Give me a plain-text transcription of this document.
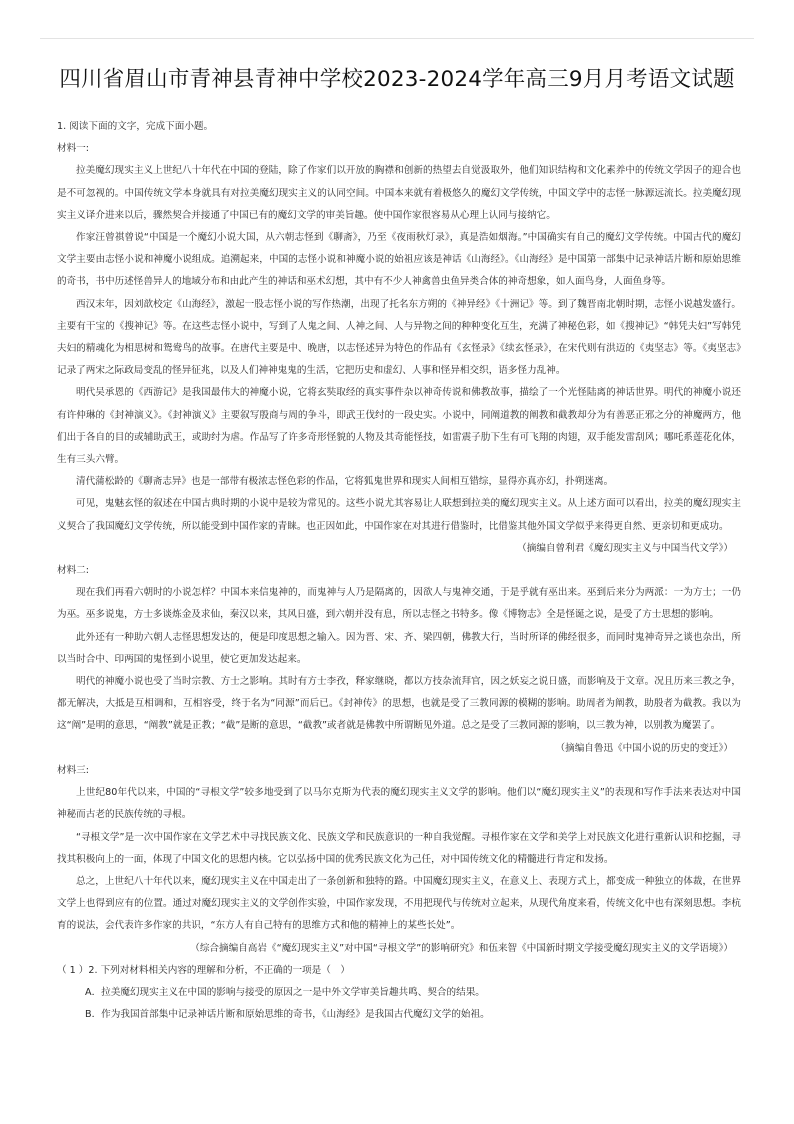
四川省眉山市青神县青神中学校2023-2024学年高三9月月考语文试题

1. 阅读下面的文字，完成下面小题。

材料一:

拉美魔幻现实主义上世纪八十年代在中国的登陆，除了作家们以开放的胸襟和创新的热望去自觉汲取外，他们知识结构和文化素养中的传统文学因子的迎合也是不可忽视的。中国传统文学本身就具有对拉美魔幻现实主义的认同空间。中国本来就有着极悠久的魔幻文学传统，中国文学中的志怪一脉源远流长。拉美魔幻现实主义译介进来以后，骤然契合并接通了中国已有的魔幻文学的审美旨趣。使中国作家很容易从心理上认同与接纳它。

作家汪曾祺曾说“中国是一个魔幻小说大国，从六朝志怪到《聊斋》，乃至《夜雨秋灯录》，真是浩如烟海。”中国确实有自己的魔幻文学传统。中国古代的魔幻文学主要由志怪小说和神魔小说组成。追溯起来，中国的志怪小说和神魔小说的始祖应该是神话《山海经》。《山海经》是中国第一部集中记录神话片断和原始思维的奇书，书中历述怪兽异人的地域分布和由此产生的神话和巫术幻想，其中有不少人神禽兽虫鱼异类合体的神奇想象，如人面鸟身，人面鱼身等。

西汉末年，因刘歆校定《山海经》，激起一股志怪小说的写作热潮，出现了托名东方朔的《神异经》《十洲记》等。到了魏晋南北朝时期，志怪小说越发盛行。主要有干宝的《搜神记》等。在这些志怪小说中，写到了人鬼之间、人神之间、人与异物之间的种种变化互生，充满了神秘色彩，如《搜神记》“韩凭夫妇”写韩凭夫妇的精魂化为相思树和鸳鸯鸟的故事。在唐代主要是中、晚唐，以志怪述异为特色的作品有《玄怪录》《续玄怪录》，在宋代则有洪迈的《夷坚志》等。《夷坚志》记录了两宋之际政局变乱的怪异征兆，以及人们神神鬼鬼的生活，它把历史和虚幻、人事和怪异相交织，语多怪力乱神。

明代吴承恩的《西游记》是我国最伟大的神魔小说，它将玄奘取经的真实事件杂以神奇传说和佛教故事，描绘了一个光怪陆离的神话世界。明代的神魔小说还有许仲琳的《封神演义》。《封神演义》主要叙写殷商与周的争斗，即武王伐纣的一段史实。小说中，同阐道教的阐教和截教却分为有善恶正邪之分的神魔两方，他们出于各自的目的或辅助武王，或助纣为虐。作品写了许多奇形怪貌的人物及其奇能怪技，如雷震子肋下生有可飞翔的肉翅，双手能发雷刮风；哪吒系莲花化体，生有三头六臂。

清代蒲松龄的《聊斋志异》也是一部带有极浓志怪色彩的作品，它将狐鬼世界和现实人间相互错综，显得亦真亦幻，扑朔迷离。

可见，鬼魅玄怪的叙述在中国古典时期的小说中是较为常见的。这些小说尤其容易让人联想到拉美的魔幻现实主义。从上述方面可以看出，拉美的魔幻现实主义契合了我国魔幻文学传统，所以能受到中国作家的青睐。也正因如此，中国作家在对其进行借鉴时，比借鉴其他外国文学似乎来得更自然、更亲切和更成功。

（摘编自曾利君《魔幻现实主义与中国当代文学》）

材料二:

现在我们再看六朝时的小说怎样？中国本来信鬼神的，而鬼神与人乃是隔离的，因欲人与鬼神交通，于是乎就有巫出来。巫到后来分为两派：一为方士；一仍为巫。巫多说鬼，方士多谈炼金及求仙，秦汉以来，其风日盛，到六朝并没有息，所以志怪之书特多。像《博物志》全是怪诞之说，是受了方士思想的影响。

此外还有一种助六朝人志怪思想发达的，便是印度思想之输入。因为晋、宋、齐、梁四朝，佛教大行，当时所译的佛经很多，而同时鬼神奇异之谈也杂出，所以当时合中、印两国的鬼怪到小说里，使它更加发达起来。

明代的神魔小说也受了当时宗教、方士之影响。其时有方士李孜，释家继晓，都以方技杂流拜官，因之妖妄之说日盛，而影响及于文章。况且历来三教之争，都无解决，大抵是互相调和，互相容受，终于名为“同源”而后已。《封神传》的思想，也就是受了三教同源的模糊的影响。助周者为阐教，助殷者为截教。我以为这“阐”是明的意思，“阐教”就是正教；“截”是断的意思，“截教”或者就是佛教中所谓断见外道。总之是受了三教同源的影响，以三教为神，以别教为魔罢了。

（摘编自鲁迅《中国小说的历史的变迁》）

材料三:

上世纪80年代以来，中国的“寻根文学”较多地受到了以马尔克斯为代表的魔幻现实主义文学的影响。他们以“魔幻现实主义”的表现和写作手法来表达对中国神秘而古老的民族传统的寻根。

“寻根文学”是一次中国作家在文学艺术中寻找民族文化、民族文学和民族意识的一种自我觉醒。寻根作家在文学和美学上对民族文化进行重新认识和挖掘，寻找其积极向上的一面，体现了中国文化的思想内核。它以弘扬中国的优秀民族文化为己任，对中国传统文化的精髓进行肯定和发扬。

总之，上世纪八十年代以来，魔幻现实主义在中国走出了一条创新和独特的路。中国魔幻现实主义，在意义上、表现方式上，都变成一种独立的体裁，在世界文学上也得到应有的位置。通过对魔幻现实主义的文学创作实验，中国作家发现，不用把现代与传统对立起来，从现代角度来看，传统文化中也有深刻思想。李杭育的说法，会代表许多作家的共识，“东方人有自己特有的思维方式和他的精神上的某些长处”。

（综合摘编自高岩《“魔幻现实主义”对中国“寻根文学”的影响研究》和伍来智《中国新时期文学接受魔幻现实主义的文学语境》）

（ 1 ）2. 下列对材料相关内容的理解和分析，不正确的一项是（　）

A．拉美魔幻现实主义在中国的影响与接受的原因之一是中外文学审美旨趣共鸣、契合的结果。

B．作为我国首部集中记录神话片断和原始思维的奇书，《山海经》是我国古代魔幻文学的始祖。
